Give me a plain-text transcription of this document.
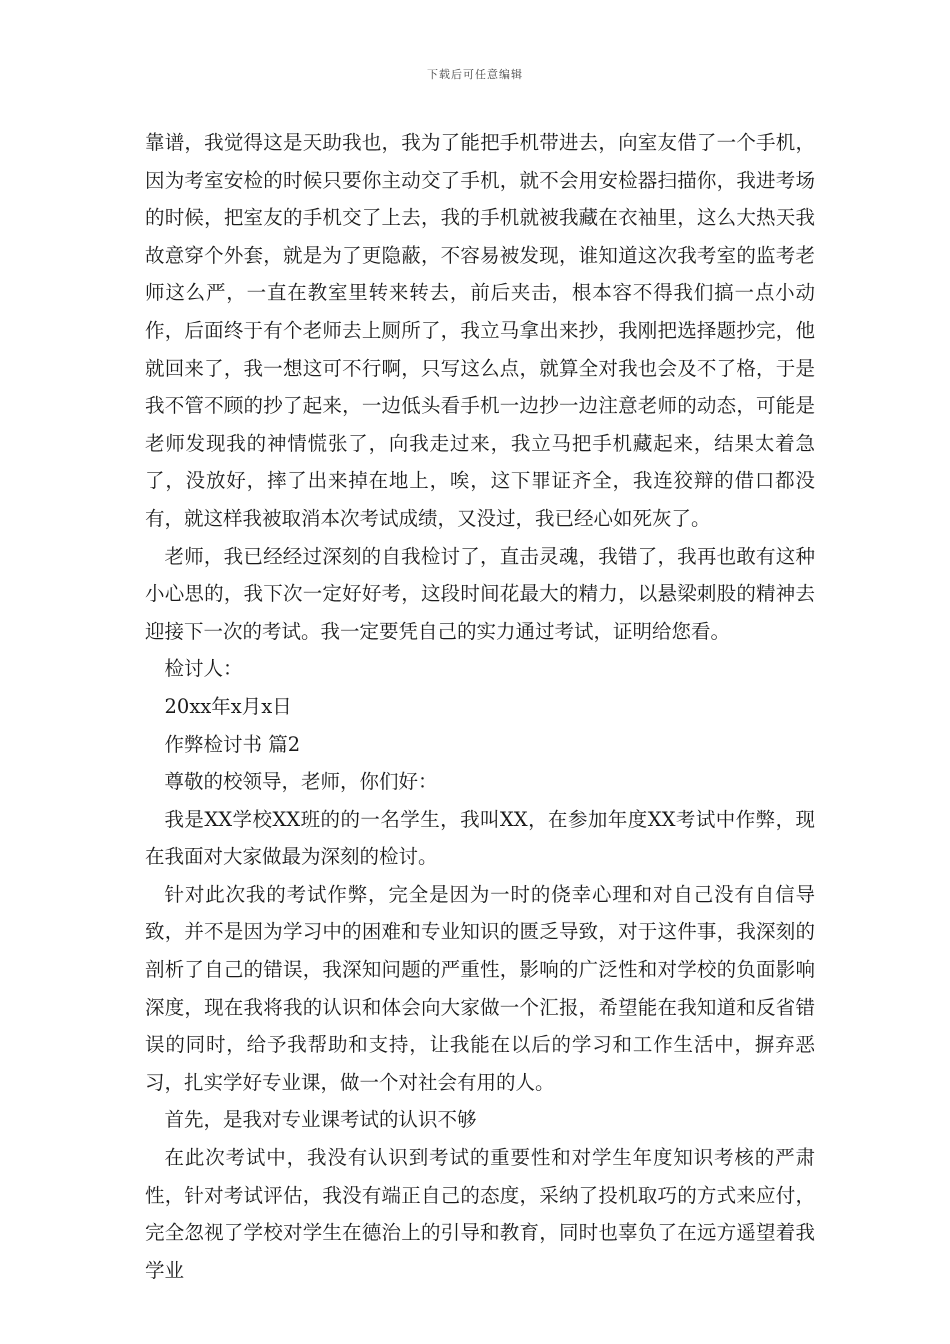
下载后可任意编辑

靠谱，我觉得这是天助我也，我为了能把手机带进去，向室友借了一个手机，因为考室安检的时候只要你主动交了手机，就不会用安检器扫描你，我进考场的时候，把室友的手机交了上去，我的手机就被我藏在衣袖里，这么大热天我故意穿个外套，就是为了更隐蔽，不容易被发现，谁知道这次我考室的监考老师这么严，一直在教室里转来转去，前后夹击，根本容不得我们搞一点小动作，后面终于有个老师去上厕所了，我立马拿出来抄，我刚把选择题抄完，他就回来了，我一想这可不行啊，只写这么点，就算全对我也会及不了格，于是我不管不顾的抄了起来，一边低头看手机一边抄一边注意老师的动态，可能是老师发现我的神情慌张了，向我走过来，我立马把手机藏起来，结果太着急了，没放好，摔了出来掉在地上，唉，这下罪证齐全，我连狡辩的借口都没有，就这样我被取消本次考试成绩，又没过，我已经心如死灰了。

老师，我已经经过深刻的自我检讨了，直击灵魂，我错了，我再也敢有这种小心思的，我下次一定好好考，这段时间花最大的精力，以悬梁刺股的精神去迎接下一次的考试。我一定要凭自己的实力通过考试，证明给您看。

检讨人：

20xx年x月x日

作弊检讨书 篇2

尊敬的校领导，老师，你们好：

我是XX学校XX班的的一名学生，我叫XX，在参加年度XX考试中作弊，现在我面对大家做最为深刻的检讨。

针对此次我的考试作弊，完全是因为一时的侥幸心理和对自己没有自信导致，并不是因为学习中的困难和专业知识的匮乏导致，对于这件事，我深刻的剖析了自己的错误，我深知问题的严重性，影响的广泛性和对学校的负面影响深度，现在我将我的认识和体会向大家做一个汇报，希望能在我知道和反省错误的同时，给予我帮助和支持，让我能在以后的学习和工作生活中，摒弃恶习，扎实学好专业课，做一个对社会有用的人。

首先，是我对专业课考试的认识不够

在此次考试中，我没有认识到考试的重要性和对学生年度知识考核的严肃性，针对考试评估，我没有端正自己的态度，采纳了投机取巧的方式来应付，完全忽视了学校对学生在德治上的引导和教育，同时也辜负了在远方遥望着我学业
